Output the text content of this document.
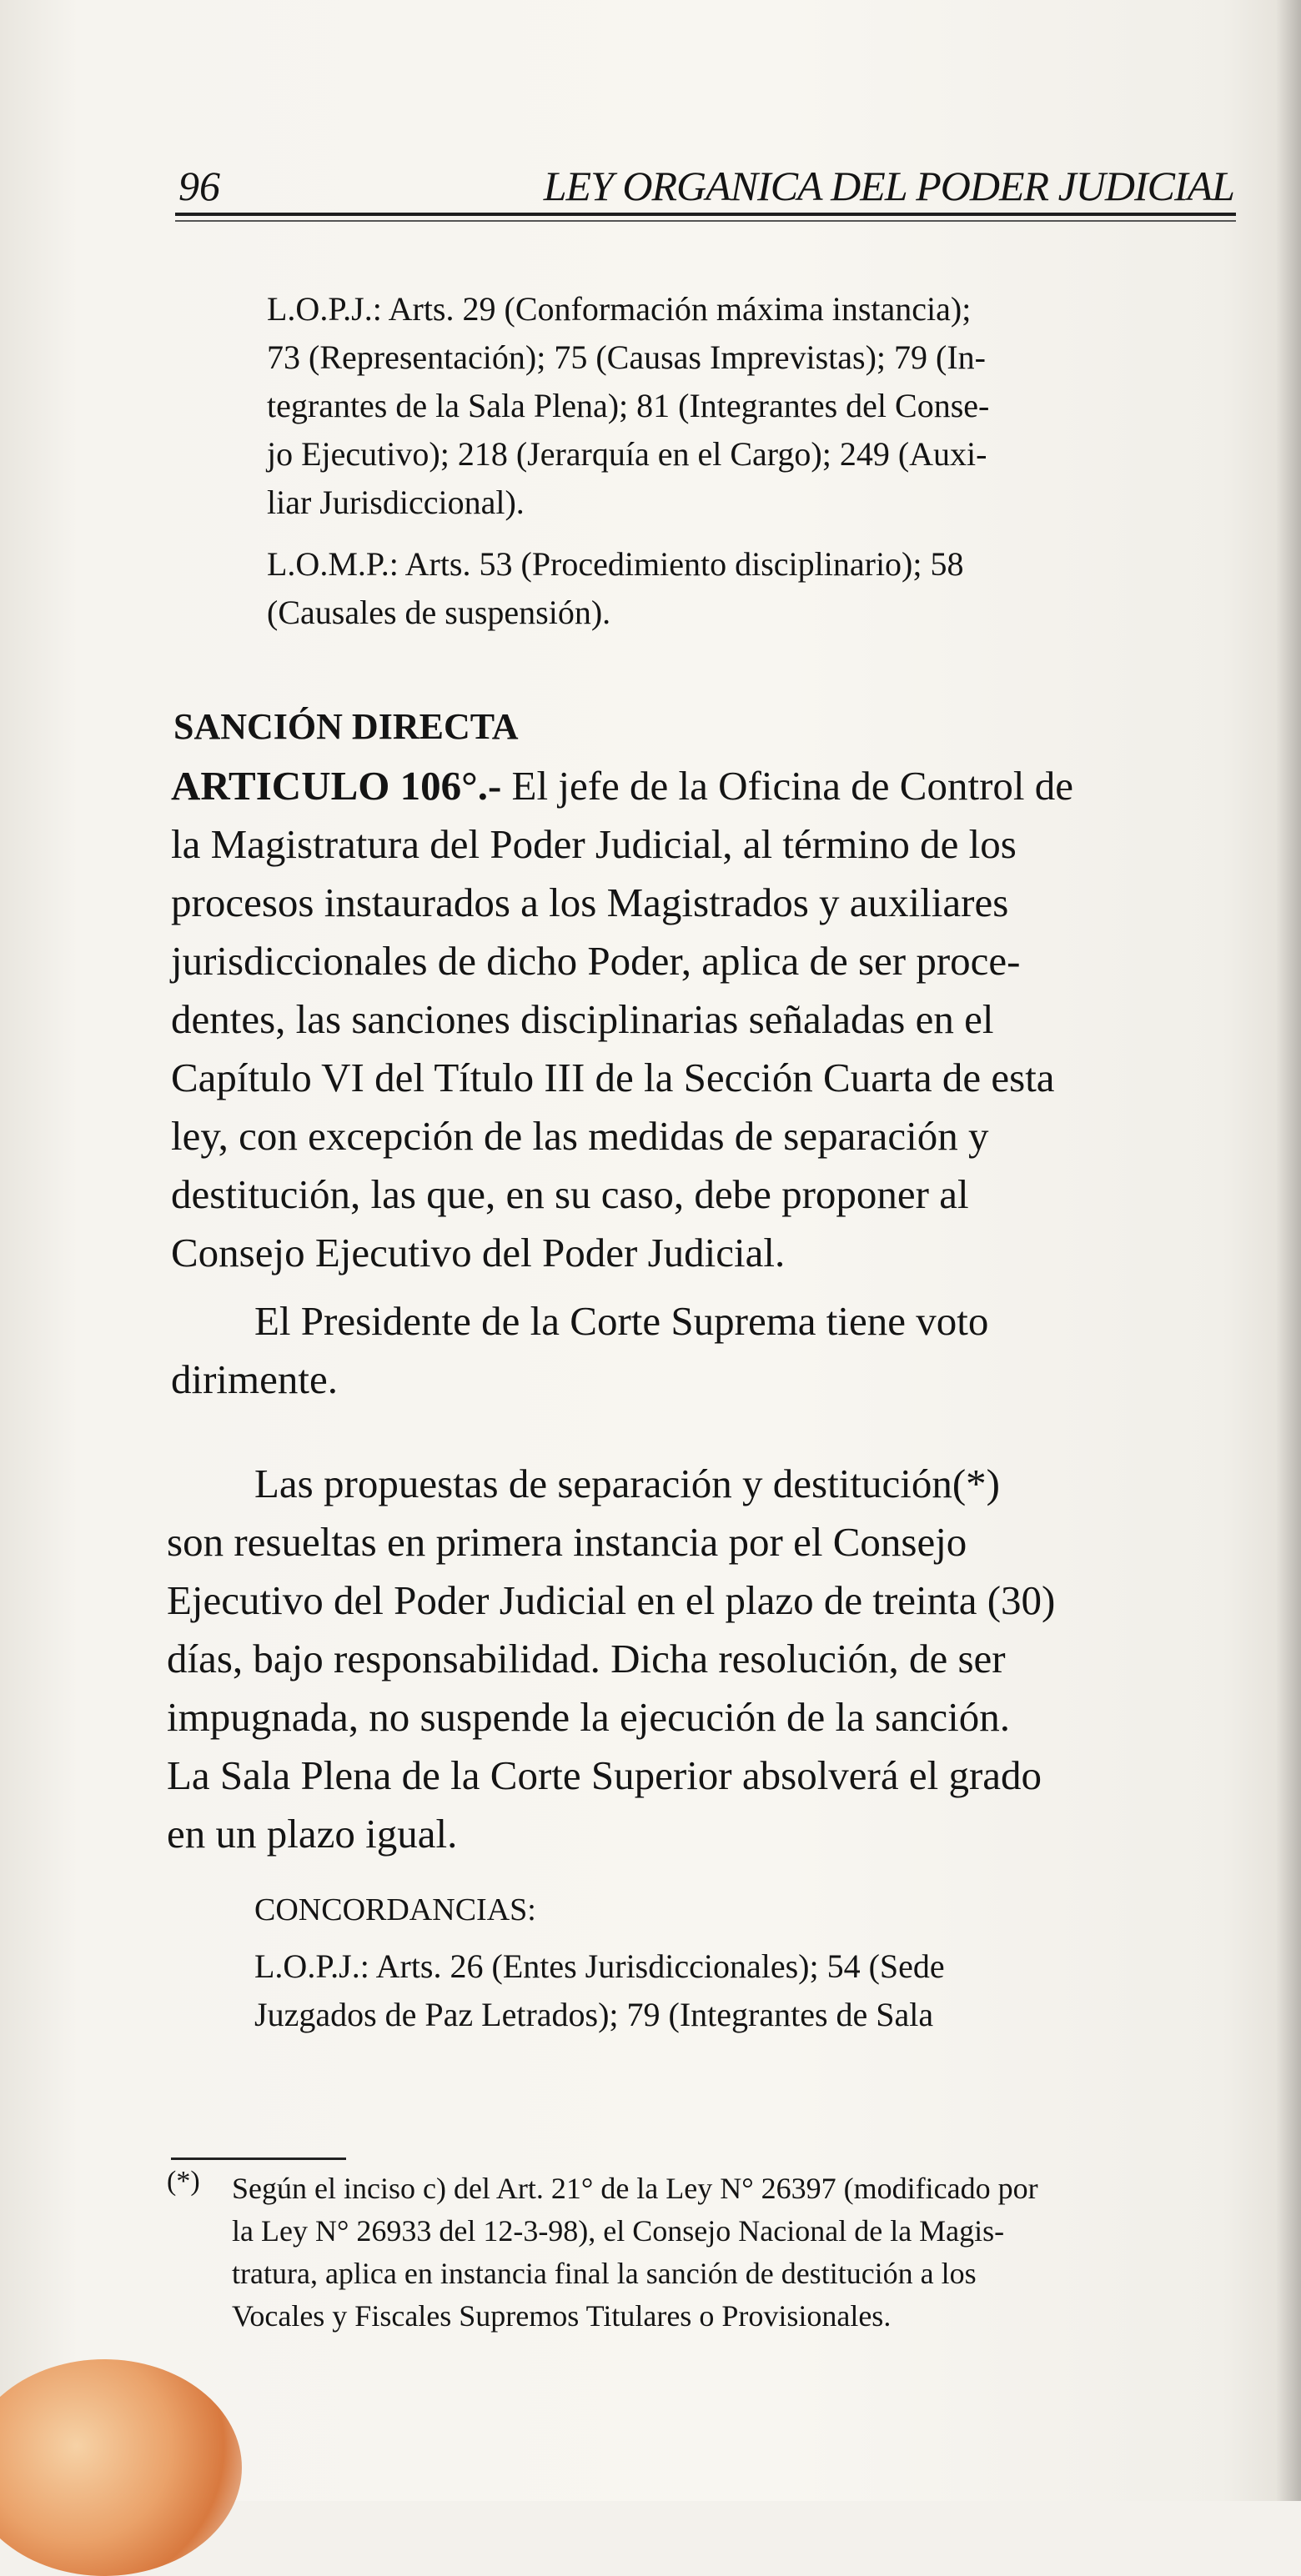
96	LEY ORGANICA DEL PODER JUDICIAL
L.O.P.J.: Arts. 29 (Conformación máxima instancia);
73 (Representación); 75 (Causas Imprevistas); 79 (In-
tegrantes de la Sala Plena); 81 (Integrantes del Conse-
jo Ejecutivo); 218 (Jerarquía en el Cargo); 249 (Auxi-
liar Jurisdiccional).
L.O.M.P.: Arts. 53 (Procedimiento disciplinario); 58
(Causales de suspensión).
SANCIÓN DIRECTA
ARTICULO 106°.- El jefe de la Oficina de Control de
la Magistratura del Poder Judicial, al término de los
procesos instaurados a los Magistrados y auxiliares
jurisdiccionales de dicho Poder, aplica de ser proce-
dentes, las sanciones disciplinarias señaladas en el
Capítulo VI del Título III de la Sección Cuarta de esta
ley, con excepción de las medidas de separación y
destitución, las que, en su caso, debe proponer al
Consejo Ejecutivo del Poder Judicial.
El Presidente de la Corte Suprema tiene voto
dirimente.
Las propuestas de separación y destitución(*)
son resueltas en primera instancia por el Consejo
Ejecutivo del Poder Judicial en el plazo de treinta (30)
días, bajo responsabilidad. Dicha resolución, de ser
impugnada, no suspende la ejecución de la sanción.
La Sala Plena de la Corte Superior absolverá el grado
en un plazo igual.
CONCORDANCIAS:
L.O.P.J.: Arts. 26 (Entes Jurisdiccionales); 54 (Sede
Juzgados de Paz Letrados); 79 (Integrantes de Sala
(*) Según el inciso c) del Art. 21° de la Ley N° 26397 (modificado por
la Ley N° 26933 del 12-3-98), el Consejo Nacional de la Magis-
tratura, aplica en instancia final la sanción de destitución a los
Vocales y Fiscales Supremos Titulares o Provisionales.
